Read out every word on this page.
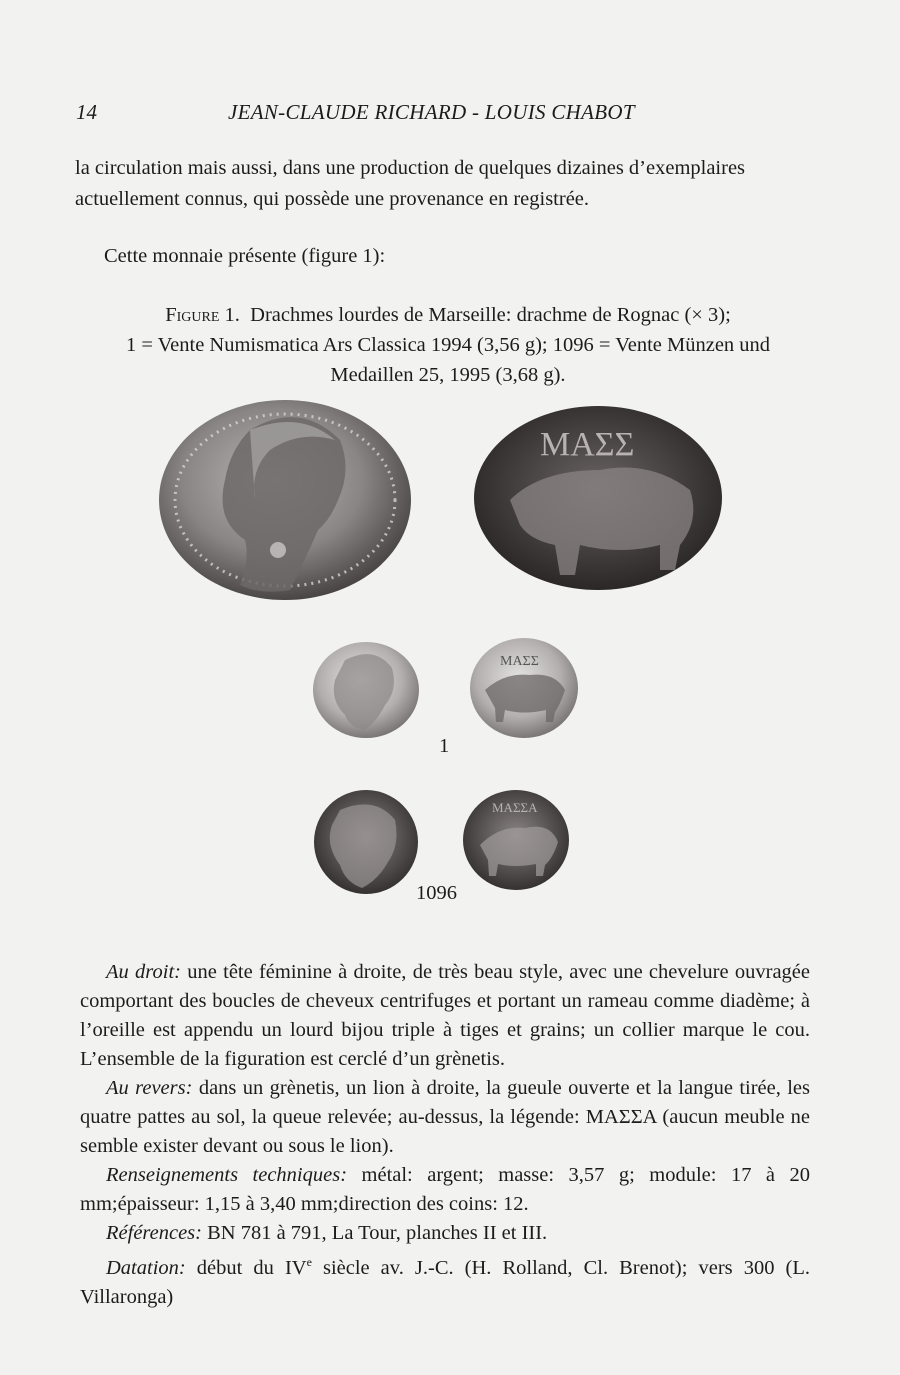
14	JEAN-CLAUDE RICHARD - LOUIS CHABOT
la circulation mais aussi, dans une production de quelques dizaines d’exemplaires actuellement connus, qui possède une provenance en registrée.
Cette monnaie présente (figure 1):
Figure 1. Drachmes lourdes de Marseille: drachme de Rognac (× 3);
1 = Vente Numismatica Ars Classica 1994 (3,56 g); 1096 = Vente Münzen und
Medaillen 25, 1995 (3,68 g).
ΜΑΣΣ
ΜΑΣΣ
ΜΑΣΣΑ
1
1096

Au droit: une tête féminine à droite, de très beau style, avec une chevelure ouvragée comportant des boucles de cheveux centrifuges et portant un rameau comme diadème; à l’oreille est appendu un lourd bijou triple à tiges et grains; un collier marque le cou. L’ensemble de la figuration est cerclé d’un grènetis.

Au revers: dans un grènetis, un lion à droite, la gueule ouverte et la langue tirée, les quatre pattes au sol, la queue relevée; au-dessus, la légende: ΜΑΣΣΑ (aucun meuble ne semble exister devant ou sous le lion).

Renseignements techniques: métal: argent; masse: 3,57 g; module: 17 à 20 mm;épaisseur: 1,15 à 3,40 mm;direction des coins: 12.

Références: BN 781 à 791, La Tour, planches II et III.

Datation: début du IVe siècle av. J.-C. (H. Rolland, Cl. Brenot); vers 300 (L. Villaronga)
